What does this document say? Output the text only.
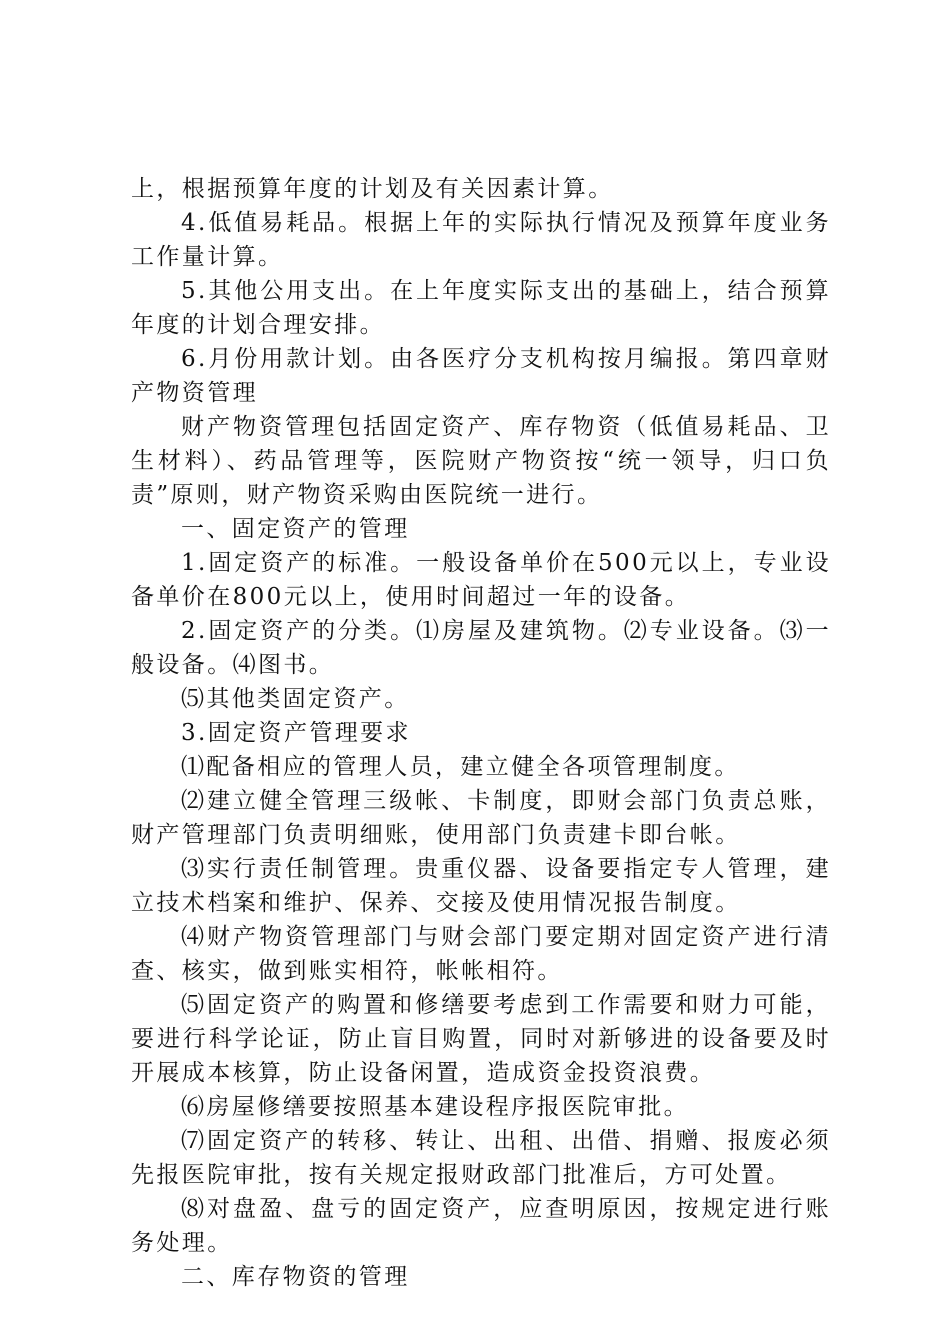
上，根据预算年度的计划及有关因素计算。

4.低值易耗品。根据上年的实际执行情况及预算年度业务工作量计算。

5.其他公用支出。在上年度实际支出的基础上，结合预算年度的计划合理安排。

6.月份用款计划。由各医疗分支机构按月编报。第四章财产物资管理

财产物资管理包括固定资产、库存物资（低值易耗品、卫生材料）、药品管理等，医院财产物资按“统一领导，归口负责”原则，财产物资采购由医院统一进行。

一、固定资产的管理

1.固定资产的标准。一般设备单价在500元以上，专业设备单价在800元以上，使用时间超过一年的设备。

2.固定资产的分类。⑴房屋及建筑物。⑵专业设备。⑶一般设备。⑷图书。

⑸其他类固定资产。

3.固定资产管理要求

⑴配备相应的管理人员，建立健全各项管理制度。

⑵建立健全管理三级帐、卡制度，即财会部门负责总账，财产管理部门负责明细账，使用部门负责建卡即台帐。

⑶实行责任制管理。贵重仪器、设备要指定专人管理，建立技术档案和维护、保养、交接及使用情况报告制度。

⑷财产物资管理部门与财会部门要定期对固定资产进行清查、核实，做到账实相符，帐帐相符。

⑸固定资产的购置和修缮要考虑到工作需要和财力可能，要进行科学论证，防止盲目购置，同时对新够进的设备要及时开展成本核算，防止设备闲置，造成资金投资浪费。

⑹房屋修缮要按照基本建设程序报医院审批。

⑺固定资产的转移、转让、出租、出借、捐赠、报废必须先报医院审批，按有关规定报财政部门批准后，方可处置。

⑻对盘盈、盘亏的固定资产，应查明原因，按规定进行账务处理。

二、库存物资的管理
